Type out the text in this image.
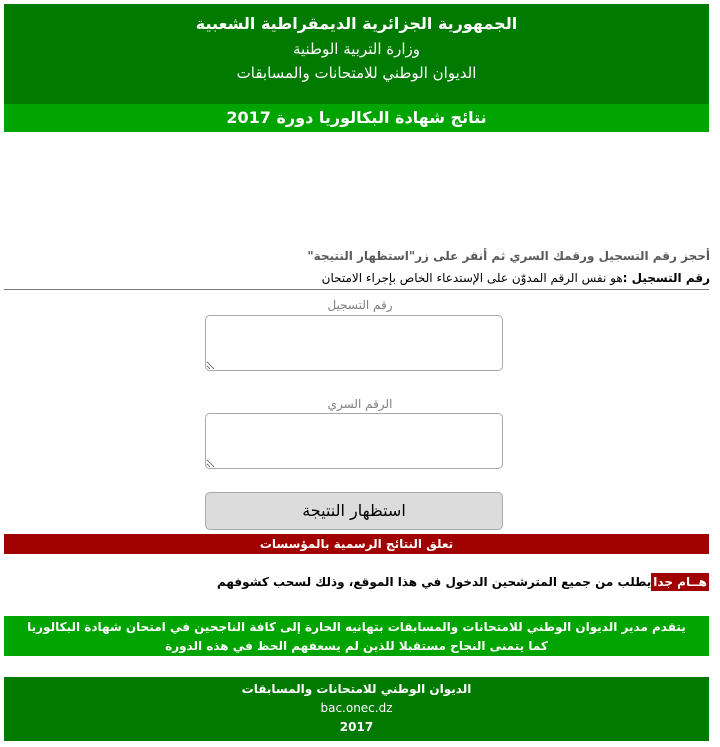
الجمهورية الجزائرية الديمقراطية الشعبية
وزارة التربية الوطنية
الديوان الوطني للامتحانات والمسابقات
نتائج شهادة البكالوريا دورة 2017
أحجز رقم التسجيل ورقمك السري ثم أنقر على زر"استظهار النتيجة"
رقم التسجيل :هو نفس الرقم المدوّن على الإستدعاء الخاص بإجراء الامتحان
رقم التسجيل
الرقم السري
استظهار النتيجة
تعلق النتائج الرسمية بالمؤسسات
هــام جدايطلب من جميع المترشحين الدخول في هذا الموقع، وذلك لسحب كشوفهم
يتقدم مدير الديوان الوطني للامتحانات والمسابقات بتهانيه الحارة إلى كافة الناجحين في امتحان شهادة البكالوريا
كما يتمنى النجاح مستقبلا للذين لم يسعفهم الحظ في هذه الدورة
الديوان الوطني للامتحانات والمسابقات
bac.onec.dz
2017
